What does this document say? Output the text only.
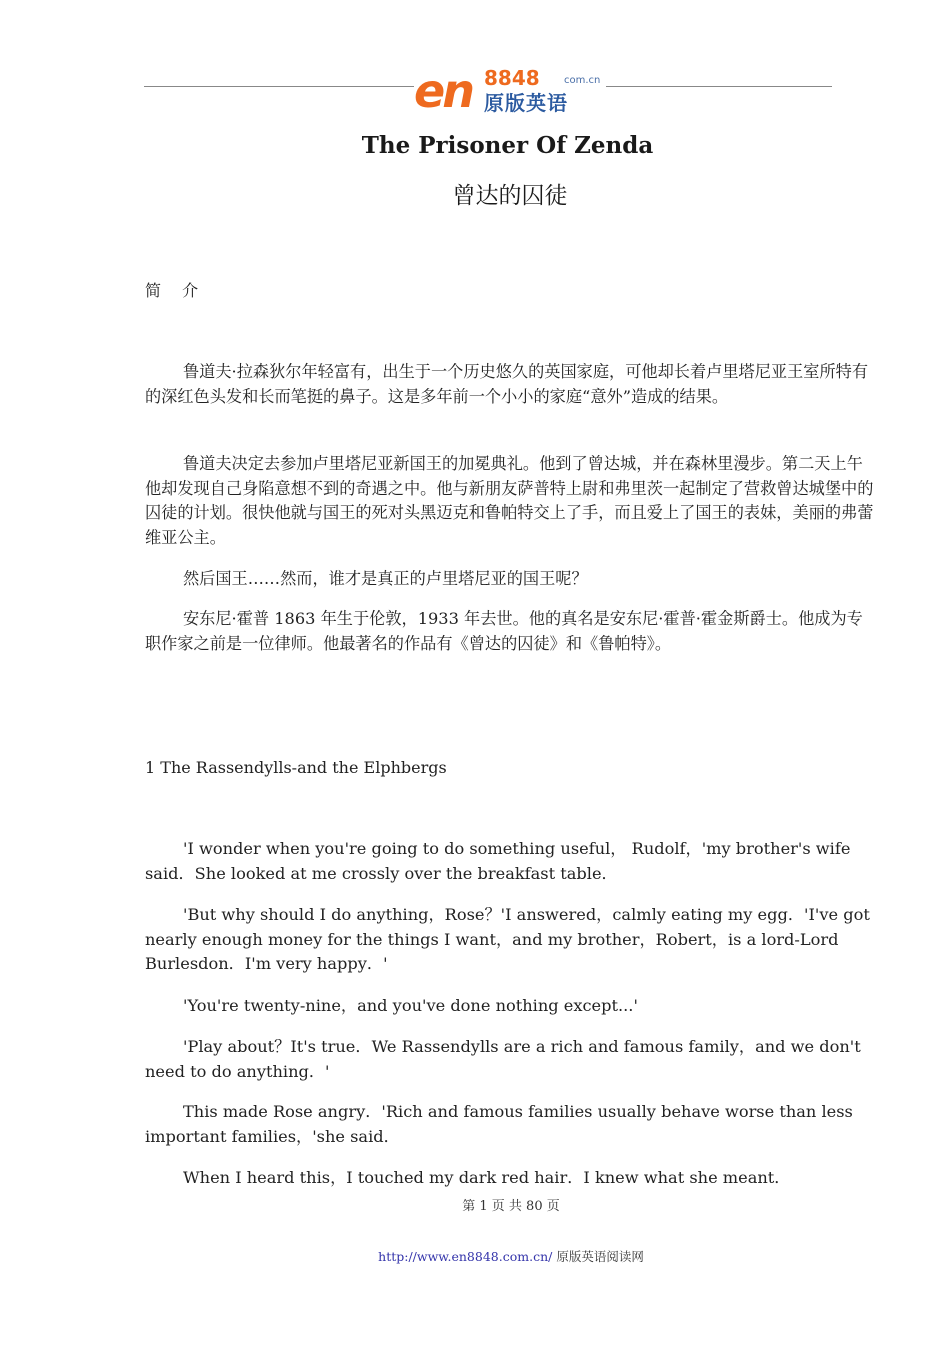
en 8848 com.cn
原版英语
The Prisoner Of Zenda
曾达的囚徒
简 介

鲁道夫·拉森狄尔年轻富有，出生于一个历史悠久的英国家庭，可他却长着卢里塔尼亚王室所特有的深红色头发和长而笔挺的鼻子。这是多年前一个小小的家庭“意外”造成的结果。

鲁道夫决定去参加卢里塔尼亚新国王的加冕典礼。他到了曾达城，并在森林里漫步。第二天上午他却发现自己身陷意想不到的奇遇之中。他与新朋友萨普特上尉和弗里茨一起制定了营救曾达城堡中的囚徒的计划。很快他就与国王的死对头黑迈克和鲁帕特交上了手，而且爱上了国王的表妹，美丽的弗蕾维亚公主。

然后国王……然而，谁才是真正的卢里塔尼亚的国王呢？

安东尼·霍普 1863 年生于伦敦，1933 年去世。他的真名是安东尼·霍普·霍金斯爵士。他成为专职作家之前是一位律师。他最著名的作品有《曾达的囚徒》和《鲁帕特》。

1 The Rassendylls-and the Elphbergs

'I wonder when you're going to do something useful， Rudolf，'my brother's wife said．She looked at me crossly over the breakfast table．

'But why should I do anything，Rose？'I answered，calmly eating my egg．'I've got nearly enough money for the things I want，and my brother，Robert，is a lord-Lord Burlesdon．I'm very happy．'

'You're twenty-nine，and you've done nothing except...'

'Play about？It's true．We Rassendylls are a rich and famous family，and we don't need to do anything．'

This made Rose angry．'Rich and famous families usually behave worse than less important families，'she said．

When I heard this，I touched my dark red hair．I knew what she meant．

第 1 页 共 80 页
http://www.en8848.com.cn/ 原版英语阅读网
